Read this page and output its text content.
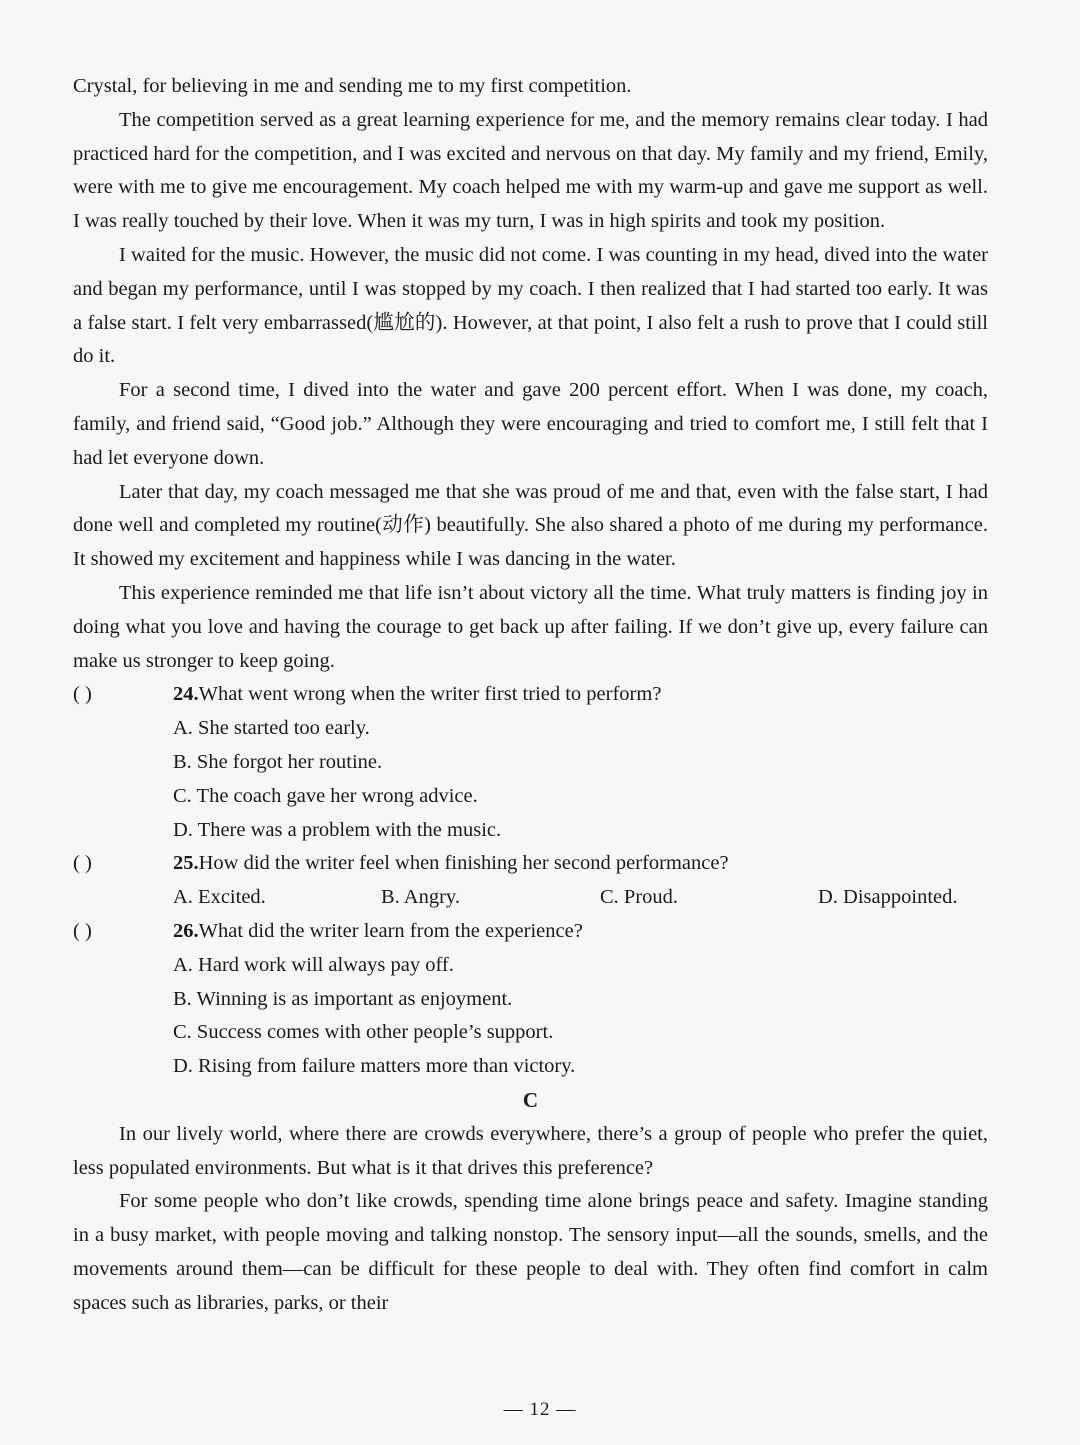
Crystal, for believing in me and sending me to my first competition.

The competition served as a great learning experience for me, and the memory remains clear today. I had practiced hard for the competition, and I was excited and nervous on that day. My family and my friend, Emily, were with me to give me encouragement. My coach helped me with my warm-up and gave me support as well. I was really touched by their love. When it was my turn, I was in high spirits and took my position.

I waited for the music. However, the music did not come. I was counting in my head, dived into the water and began my performance, until I was stopped by my coach. I then realized that I had started too early. It was a false start. I felt very embarrassed(尴尬的). However, at that point, I also felt a rush to prove that I could still do it.

For a second time, I dived into the water and gave 200 percent effort. When I was done, my coach, family, and friend said, “Good job.” Although they were encouraging and tried to comfort me, I still felt that I had let everyone down.

Later that day, my coach messaged me that she was proud of me and that, even with the false start, I had done well and completed my routine(动作) beautifully. She also shared a photo of me during my performance. It showed my excitement and happiness while I was dancing in the water.

This experience reminded me that life isn’t about victory all the time. What truly matters is finding joy in doing what you love and having the courage to get back up after failing. If we don’t give up, every failure can make us stronger to keep going.

( )	24. What went wrong when the writer first tried to perform?
A. She started too early.
B. She forgot her routine.
C. The coach gave her wrong advice.
D. There was a problem with the music.
( )	25. How did the writer feel when finishing her second performance?
A. Excited.	B. Angry.	C. Proud.	D. Disappointed.
( )	26. What did the writer learn from the experience?
A. Hard work will always pay off.
B. Winning is as important as enjoyment.
C. Success comes with other people’s support.
D. Rising from failure matters more than victory.
C

In our lively world, where there are crowds everywhere, there’s a group of people who prefer the quiet, less populated environments. But what is it that drives this preference?

For some people who don’t like crowds, spending time alone brings peace and safety. Imagine standing in a busy market, with people moving and talking nonstop. The sensory input—all the sounds, smells, and the movements around them—can be difficult for these people to deal with. They often find comfort in calm spaces such as libraries, parks, or their

— 12 —
